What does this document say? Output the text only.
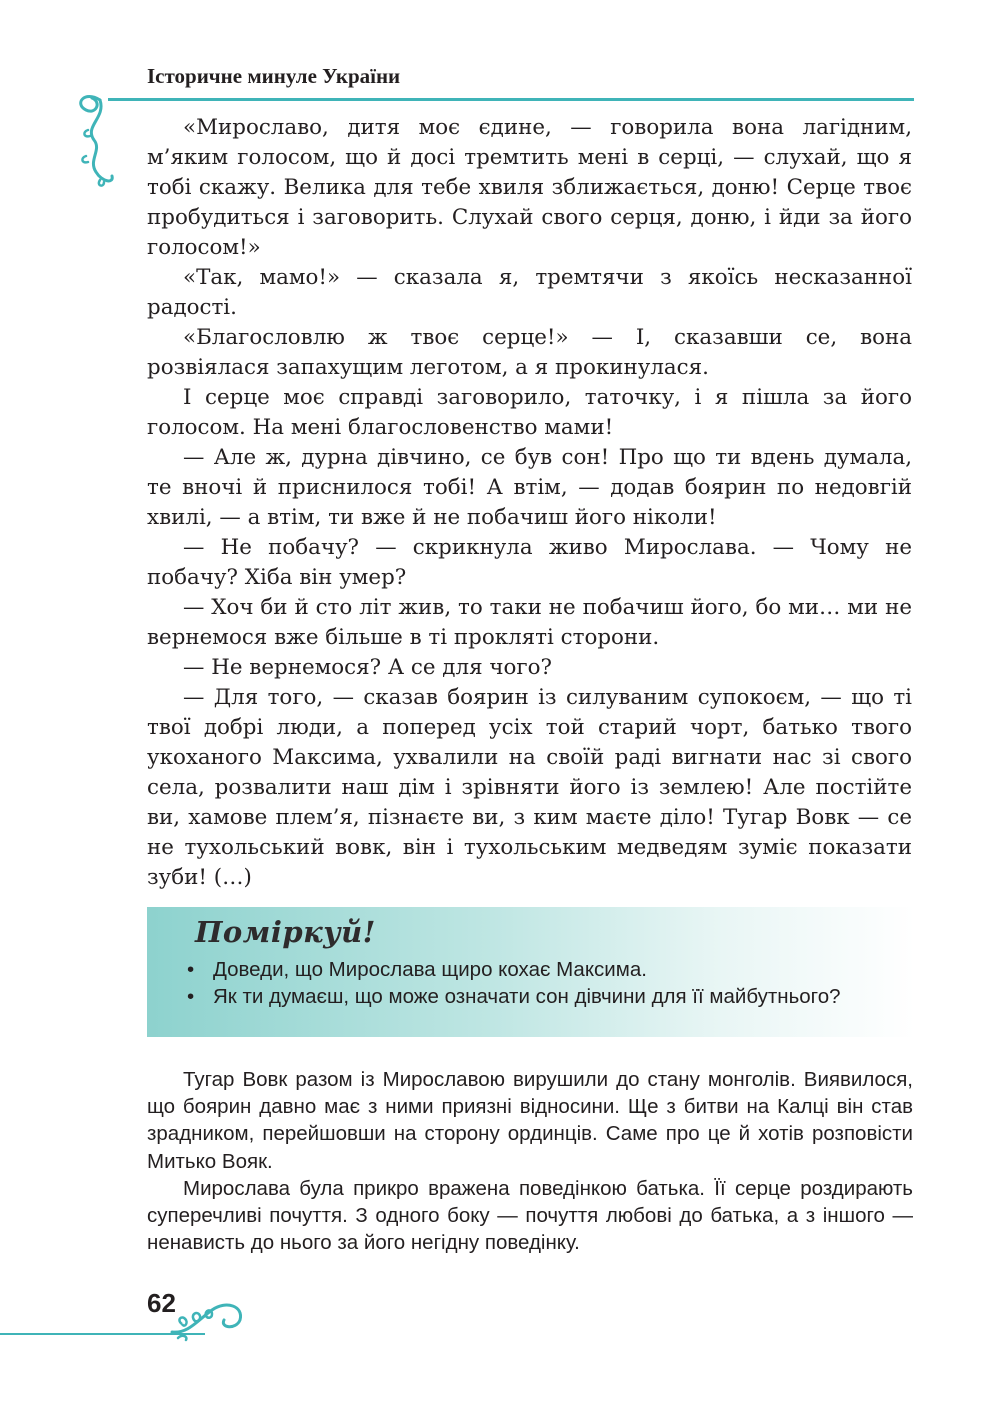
Історичне минуле України

«Мирославо, дитя моє єдине, — говорила вона лагідним, м’яким голосом, що й досі тремтить мені в серці, — слухай, що я тобі скажу. Велика для тебе хвиля зближається, доню! Серце твоє пробудиться і заговорить. Слухай свого серця, доню, і йди за його голосом!»

«Так, мамо!» — сказала я, тремтячи з якоїсь несказанної радості.

«Благословлю ж твоє серце!» — І, сказавши се, вона розвіялася запахущим леготом, а я прокинулася.

І серце моє справді заговорило, таточку, і я пішла за його голосом. На мені благословенство мами!

— Але ж, дурна дівчино, се був сон! Про що ти вдень думала, те вночі й приснилося тобі! А втім, — додав боярин по недовгій хвилі, — а втім, ти вже й не побачиш його ніколи!

— Не побачу? — скрикнула живо Мирослава. — Чому не побачу? Хіба він умер?

— Хоч би й сто літ жив, то таки не побачиш його, бо ми… ми не вернемося вже більше в ті прокляті сторони.

— Не вернемося? А се для чого?

— Для того, — сказав боярин із силуваним супокоєм, — що ті твої добрі люди, а поперед усіх той старий чорт, батько твого укоханого Максима, ухвалили на своїй раді вигнати нас зі свого села, розвалити наш дім і зрівняти його із землею! Але постійте ви, хамове плем’я, пізнаєте ви, з ким маєте діло! Тугар Вовк — се не тухольський вовк, він і тухольським медведям зуміє показати зуби! (…)

Поміркуй!
• Доведи, що Мирослава щиро кохає Максима.
• Як ти думаєш, що може означати сон дівчини для її майбутнього?

Тугар Вовк разом із Мирославою вирушили до стану монголів. Виявилося, що боярин давно має з ними приязні відносини. Ще з битви на Калці він став зрадником, перейшовши на сторону ординців. Саме про це й хотів розповісти Митько Вояк.

Мирослава була прикро вражена поведінкою батька. Її серце роздирають суперечливі почуття. З одного боку — почуття любові до батька, а з іншого — ненависть до нього за його негідну поведінку.

62
